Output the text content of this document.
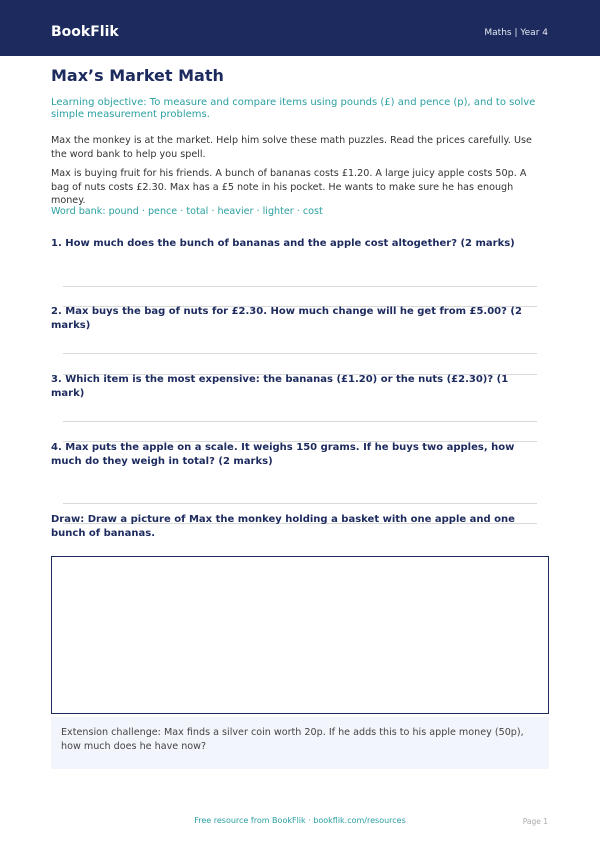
BookFlik	Maths | Year 4
Max’s Market Math
Learning objective: To measure and compare items using pounds (£) and pence (p), and to solve simple measurement problems.
Max the monkey is at the market. Help him solve these math puzzles. Read the prices carefully. Use the word bank to help you spell.
Max is buying fruit for his friends. A bunch of bananas costs £1.20. A large juicy apple costs 50p. A bag of nuts costs £2.30. Max has a £5 note in his pocket. He wants to make sure he has enough money.
Word bank: pound · pence · total · heavier · lighter · cost
1. How much does the bunch of bananas and the apple cost altogether? (2 marks)
2. Max buys the bag of nuts for £2.30. How much change will he get from £5.00? (2 marks)
3. Which item is the most expensive: the bananas (£1.20) or the nuts (£2.30)? (1 mark)
4. Max puts the apple on a scale. It weighs 150 grams. If he buys two apples, how much do they weigh in total? (2 marks)
Draw: Draw a picture of Max the monkey holding a basket with one apple and one bunch of bananas.
Extension challenge: Max finds a silver coin worth 20p. If he adds this to his apple money (50p), how much does he have now?
Free resource from BookFlik · bookflik.com/resources	Page 1
